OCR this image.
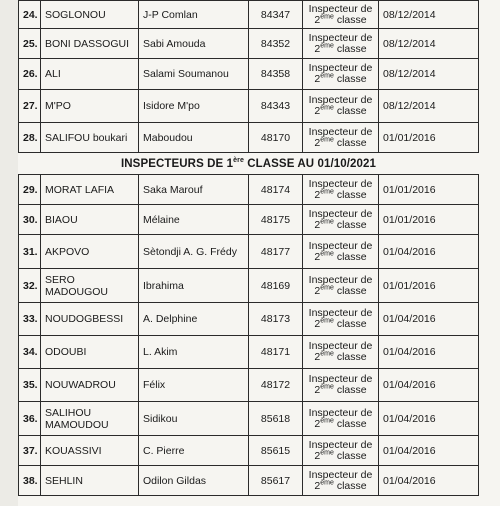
24.	SOGLONOU	J-P Comlan	84347	Inspecteur de
2ème classe	08/12/2014
25.	BONI DASSOGUI	Sabi Amouda	84352	Inspecteur de
2ème classe	08/12/2014
26.	ALI	Salami Soumanou	84358	Inspecteur de
2ème classe	08/12/2014
27.	M'PO	Isidore M'po	84343	Inspecteur de
2ème classe	08/12/2014
28.	SALIFOU boukari	Maboudou	48170	Inspecteur de
2ème classe	01/01/2016
INSPECTEURS DE 1ère CLASSE AU 01/10/2021					
29.	MORAT LAFIA	Saka Marouf	48174	Inspecteur de
2ème classe	01/01/2016
30.	BIAOU	Mélaine	48175	Inspecteur de
2ème classe	01/01/2016
31.	AKPOVO	Sètondji A. G. Frédy	48177	Inspecteur de
2ème classe	01/04/2016
32.	SERO MADOUGOU	Ibrahima	48169	Inspecteur de
2ème classe	01/01/2016
33.	NOUDOGBESSI	A. Delphine	48173	Inspecteur de
2ème classe	01/04/2016
34.	ODOUBI	L. Akim	48171	Inspecteur de
2ème classe	01/04/2016
35.	NOUWADROU	Félix	48172	Inspecteur de
2ème classe	01/04/2016
36.	SALIHOU MAMOUDOU	Sidikou	85618	Inspecteur de
2ème classe	01/04/2016
37.	KOUASSIVI	C. Pierre	85615	Inspecteur de
2ème classe	01/04/2016
38.	SEHLIN	Odilon Gildas	85617	Inspecteur de
2ème classe	01/04/2016
